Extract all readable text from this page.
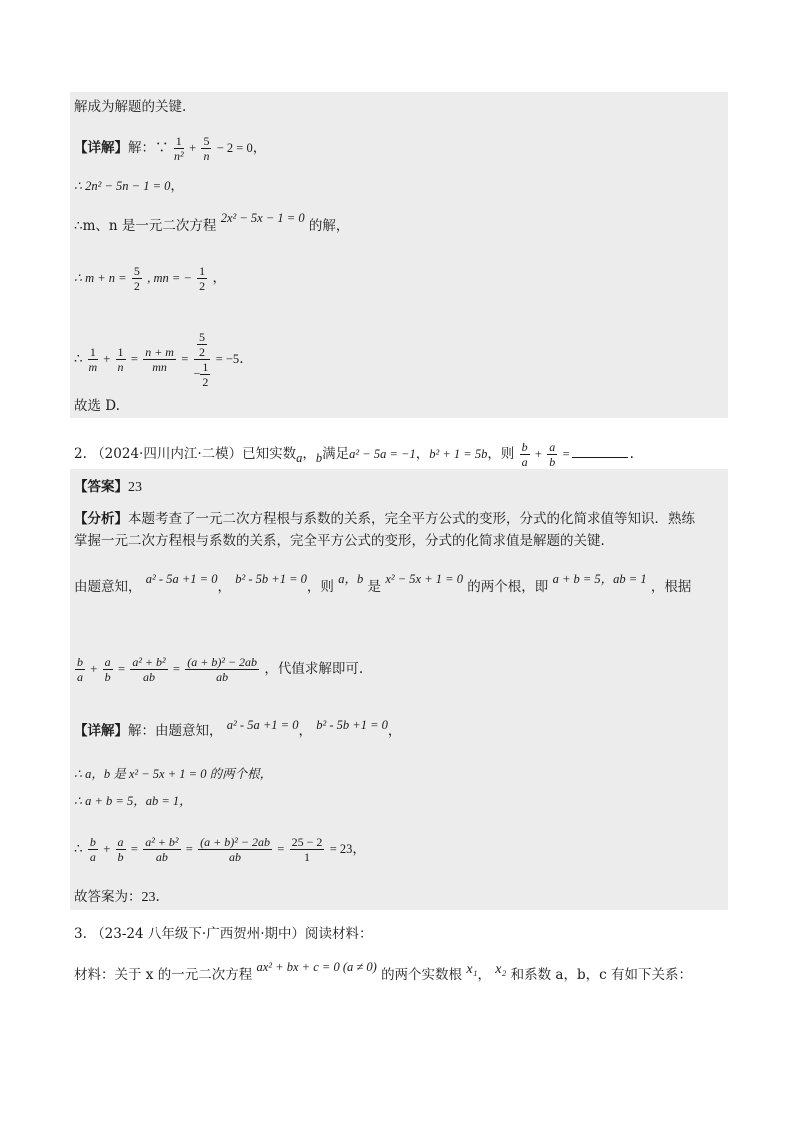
解成为解题的关键.
【详解】解：∵ $\frac{1}{\text{n²}} + \frac{5}{n} - 2 = 0$，
∴ 2n² − 5n − 1 = 0，
∴m、n 是一元二次方程 2x² − 5x − 1 = 0 的解，
∴ $m + n = \frac{5}{2}$ , mn = − $\frac{1}{2}$ ，
∴ $\frac{1}{m} + \frac{1}{n} = \frac{n + m}{mn} = \frac{\frac{5}{2}}{- \frac{1}{2}} = -5$.
故选 D.
2. （2024·四川内江·二模）已知实数a，b满足a² − 5a = −1，b² + 1 = 5b，则 $\frac{b}{a} + \frac{a}{b}$ =	.
【答案】23
【分析】本题考查了一元二次方程根与系数的关系，完全平方公式的变形，分式的化简求值等知识．熟练
掌握一元二次方程根与系数的关系，完全平方公式的变形，分式的化简求值是解题的关键．
由题意知， a² - 5a +1 = 0， b² - 5b +1 = 0，则 a，b 是 x² − 5x + 1 = 0 的两个根，即 a + b = 5，ab = 1 ，根据
$\frac{b}{a} + \frac{a}{b} = \frac{\text{a² + b²}}{ab} = \frac{\text{(a + b)² − 2ab}}{ab}$ ，代值求解即可.
【详解】解：由题意知， a² - 5a +1 = 0， b² - 5b +1 = 0，
∴ a，b 是 x² − 5x + 1 = 0 的两个根，
∴ a + b = 5，ab = 1，
∴ $\frac{b}{a} + \frac{a}{b} = \frac{\text{a² + b²}}{ab} = \frac{\text{(a + b)² − 2ab}}{ab} = \frac{25 - 2}{1} = 23$，
故答案为：23.
3. （23-24 八年级下·广西贺州·期中）阅读材料：
材料：关于 x 的一元二次方程 ax² + bx + c = 0 (a ≠ 0) 的两个实数根 x₁， x₂ 和系数 a，b，c 有如下关系：
